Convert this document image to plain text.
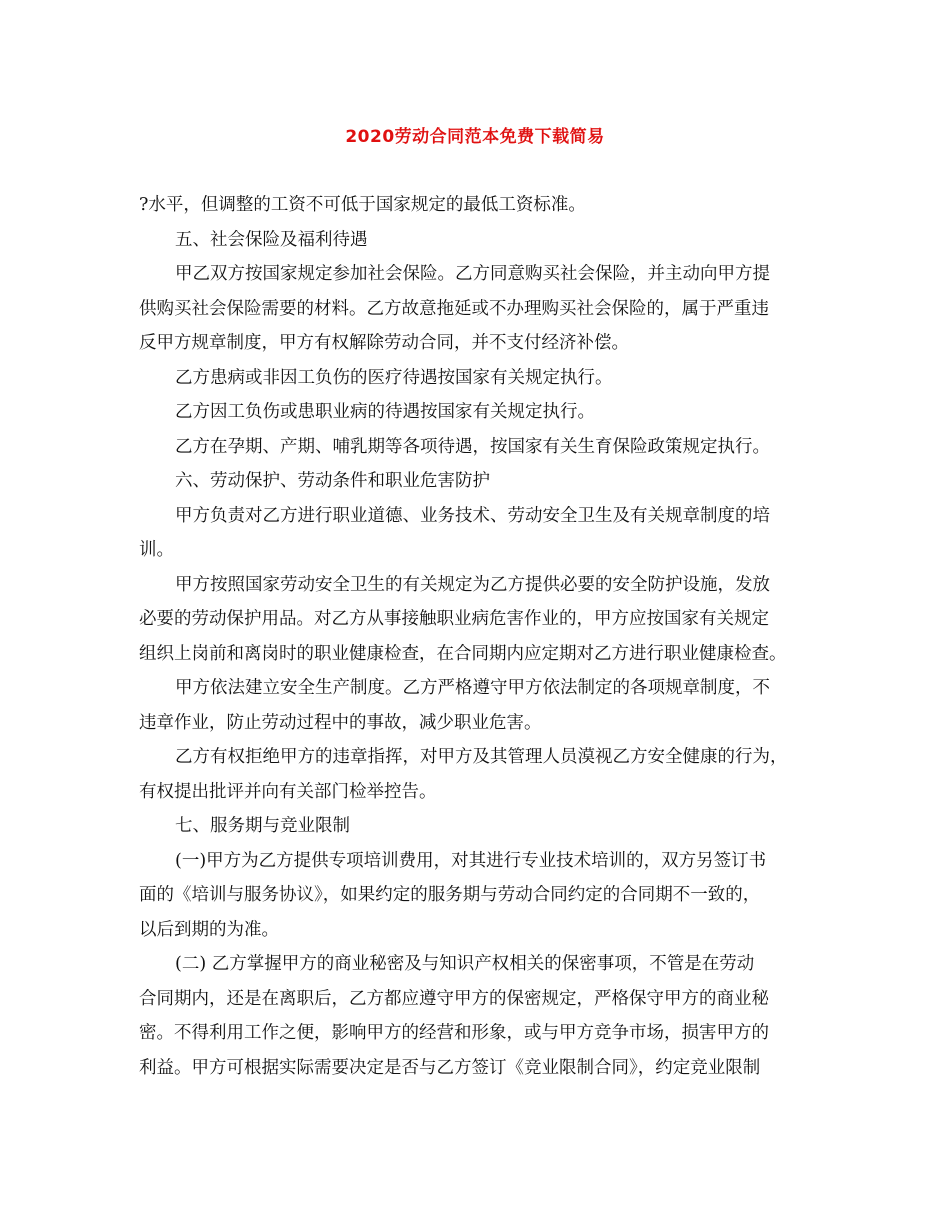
2020劳动合同范本免费下载简易
?水平，但调整的工资不可低于国家规定的最低工资标准。
五、社会保险及福利待遇
甲乙双方按国家规定参加社会保险。乙方同意购买社会保险，并主动向甲方提
供购买社会保险需要的材料。乙方故意拖延或不办理购买社会保险的，属于严重违
反甲方规章制度，甲方有权解除劳动合同，并不支付经济补偿。
乙方患病或非因工负伤的医疗待遇按国家有关规定执行。
乙方因工负伤或患职业病的待遇按国家有关规定执行。
乙方在孕期、产期、哺乳期等各项待遇，按国家有关生育保险政策规定执行。
六、劳动保护、劳动条件和职业危害防护
甲方负责对乙方进行职业道德、业务技术、劳动安全卫生及有关规章制度的培
训。
甲方按照国家劳动安全卫生的有关规定为乙方提供必要的安全防护设施，发放
必要的劳动保护用品。对乙方从事接触职业病危害作业的，甲方应按国家有关规定
组织上岗前和离岗时的职业健康检查，在合同期内应定期对乙方进行职业健康检查。
甲方依法建立安全生产制度。乙方严格遵守甲方依法制定的各项规章制度，不
违章作业，防止劳动过程中的事故，减少职业危害。
乙方有权拒绝甲方的违章指挥，对甲方及其管理人员漠视乙方安全健康的行为，
有权提出批评并向有关部门检举控告。
七、服务期与竞业限制
(一)甲方为乙方提供专项培训费用，对其进行专业技术培训的，双方另签订书
面的《培训与服务协议》，如果约定的服务期与劳动合同约定的合同期不一致的，
以后到期的为准。
(二) 乙方掌握甲方的商业秘密及与知识产权相关的保密事项，不管是在劳动
合同期内，还是在离职后，乙方都应遵守甲方的保密规定，严格保守甲方的商业秘
密。不得利用工作之便，影响甲方的经营和形象，或与甲方竞争市场，损害甲方的
利益。甲方可根据实际需要决定是否与乙方签订《竞业限制合同》，约定竞业限制
